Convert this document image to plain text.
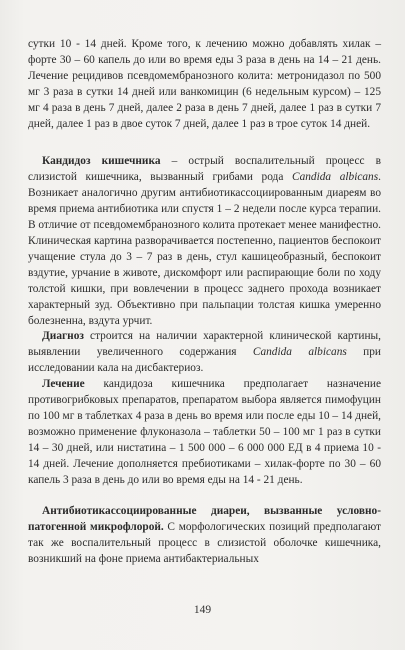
сутки 10 - 14 дней. Кроме того, к лечению можно добавлять хилак – форте 30 – 60 капель до или во время еды 3 раза в день на 14 – 21 день. Лечение рецидивов псевдомембранозного колита: метронидазол по 500 мг 3 раза в сутки 14 дней или ванкомицин (6 недельным курсом) – 125 мг 4 раза в день 7 дней, далее 2 раза в день 7 дней, далее 1 раз в сутки 7 дней, далее 1 раз в двое суток 7 дней, далее 1 раз в трое суток 14 дней.

Кандидоз кишечника – острый воспалительный процесс в слизистой кишечника, вызванный грибами рода Candida albicans. Возникает аналогично другим антибиотикассоциированным диареям во время приема антибиотика или спустя 1 – 2 недели после курса терапии. В отличие от псевдомембранозного колита протекает менее манифестно. Клиническая картина разворачивается постепенно, пациентов беспокоит учащение стула до 3 – 7 раз в день, стул кашицеобразный, беспокоит вздутие, урчание в животе, дискомфорт или распирающие боли по ходу толстой кишки, при вовлечении в процесс заднего прохода возникает характерный зуд. Объективно при пальпации толстая кишка умеренно болезненна, вздута урчит.

Диагноз строится на наличии характерной клинической картины, выявлении увеличенного содержания Candida albicans при исследовании кала на дисбактериоз.

Лечение кандидоза кишечника предполагает назначение противогрибковых препаратов, препаратом выбора является пимофуцин по 100 мг в таблетках 4 раза в день во время или после еды 10 – 14 дней, возможно применение флуконазола – таблетки 50 – 100 мг 1 раз в сутки 14 – 30 дней, или нистатина – 1 500 000 – 6 000 000 ЕД в 4 приема 10 - 14 дней. Лечение дополняется пребиотиками – хилак-форте по 30 – 60 капель 3 раза в день до или во время еды на 14 - 21 день.

Антибиотикассоциированные диареи, вызванные условно-патогенной микрофлорой. С морфологических позиций предполагают так же воспалительный процесс в слизистой оболочке кишечника, возникший на фоне приема антибактериальных

149
